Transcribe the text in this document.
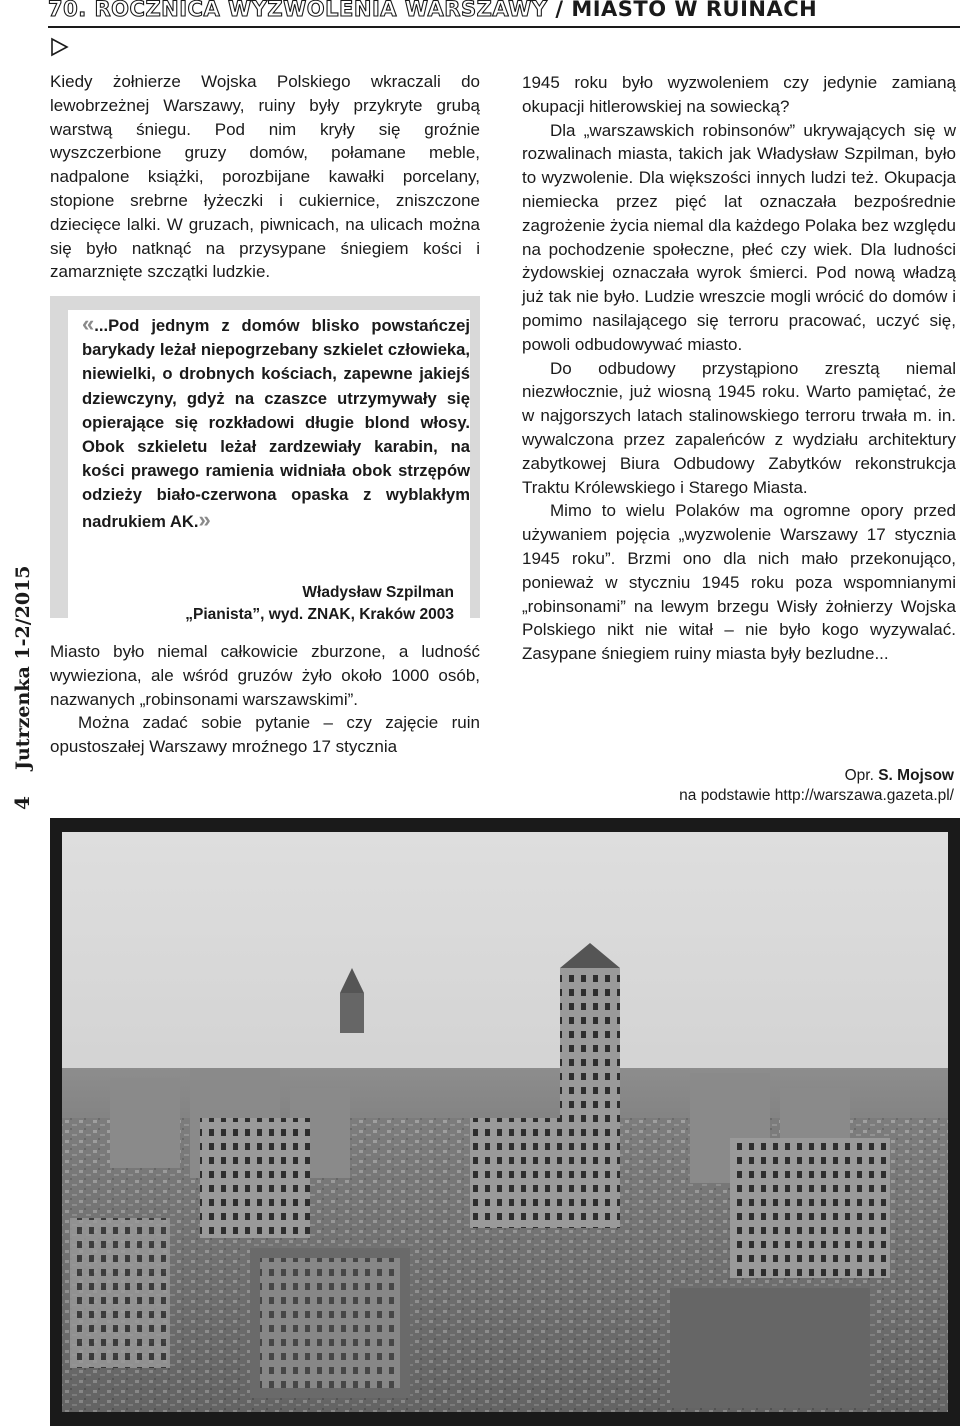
70. ROCZNICA WYZWOLENIA WARSZAWY / MIASTO W RUINACH
Jutrzenka 1-2/2015
4

Kiedy żołnierze Wojska Polskiego wkraczali do lewobrzeżnej Warszawy, ruiny były przykryte grubą warstwą śniegu. Pod nim kryły się groźnie wyszczerbione gruzy domów, połamane meble, nadpalone książki, porozbijane kawałki porcelany, stopione srebrne łyżeczki i cukiernice, zniszczone dziecięce lalki. W gruzach, piwnicach, na ulicach można się było natknąć na przysypane śniegiem kości i zamarznięte szczątki ludzkie.

«...Pod jednym z domów blisko powstańczej barykady leżał niepogrzebany szkielet człowieka, niewielki, o drobnych kościach, zapewne jakiejś dziewczyny, gdyż na czaszce utrzymywały się opierające się rozkładowi długie blond włosy. Obok szkieletu leżał zardzewiały karabin, na kości prawego ramienia widniała obok strzępów odzieży biało-czerwona opaska z wyblakłym nadrukiem AK.»
Władysław Szpilman
„Pianista”, wyd. ZNAK, Kraków 2003

Miasto było niemal całkowicie zburzone, a ludność wywieziona, ale wśród gruzów żyło około 1000 osób, nazwanych „robinsonami warszawskimi”.

Można zadać sobie pytanie – czy zajęcie ruin opustoszałej Warszawy mroźnego 17 stycznia

1945 roku było wyzwoleniem czy jedynie zamianą okupacji hitlerowskiej na sowiecką?

Dla „warszawskich robinsonów” ukrywających się w rozwalinach miasta, takich jak Władysław Szpilman, było to wyzwolenie. Dla większości innych ludzi też. Okupacja niemiecka przez pięć lat oznaczała bezpośrednie zagrożenie życia niemal dla każdego Polaka bez względu na pochodzenie społeczne, płeć czy wiek. Dla ludności żydowskiej oznaczała wyrok śmierci. Pod nową władzą już tak nie było. Ludzie wreszcie mogli wrócić do domów i pomimo nasilającego się terroru pracować, uczyć się, powoli odbudowywać miasto.

Do odbudowy przystąpiono zresztą niemal niezwłocznie, już wiosną 1945 roku. Warto pamiętać, że w najgorszych latach stalinowskiego terroru trwała m. in. wywalczona przez zapaleńców z wydziału architektury zabytkowej Biura Odbudowy Zabytków rekonstrukcja Traktu Królewskiego i Starego Miasta.

Mimo to wielu Polaków ma ogromne opory przed używaniem pojęcia „wyzwolenie Warszawy 17 stycznia 1945 roku”. Brzmi ono dla nich mało przekonująco, ponieważ w styczniu 1945 roku poza wspomnianymi „robinsonami” na lewym brzegu Wisły żołnierzy Wojska Polskiego nikt nie witał – nie było kogo wyzywalać. Zasypane śniegiem ruiny miasta były bezludne...

Opr. S. Mojsow
na podstawie http://warszawa.gazeta.pl/
